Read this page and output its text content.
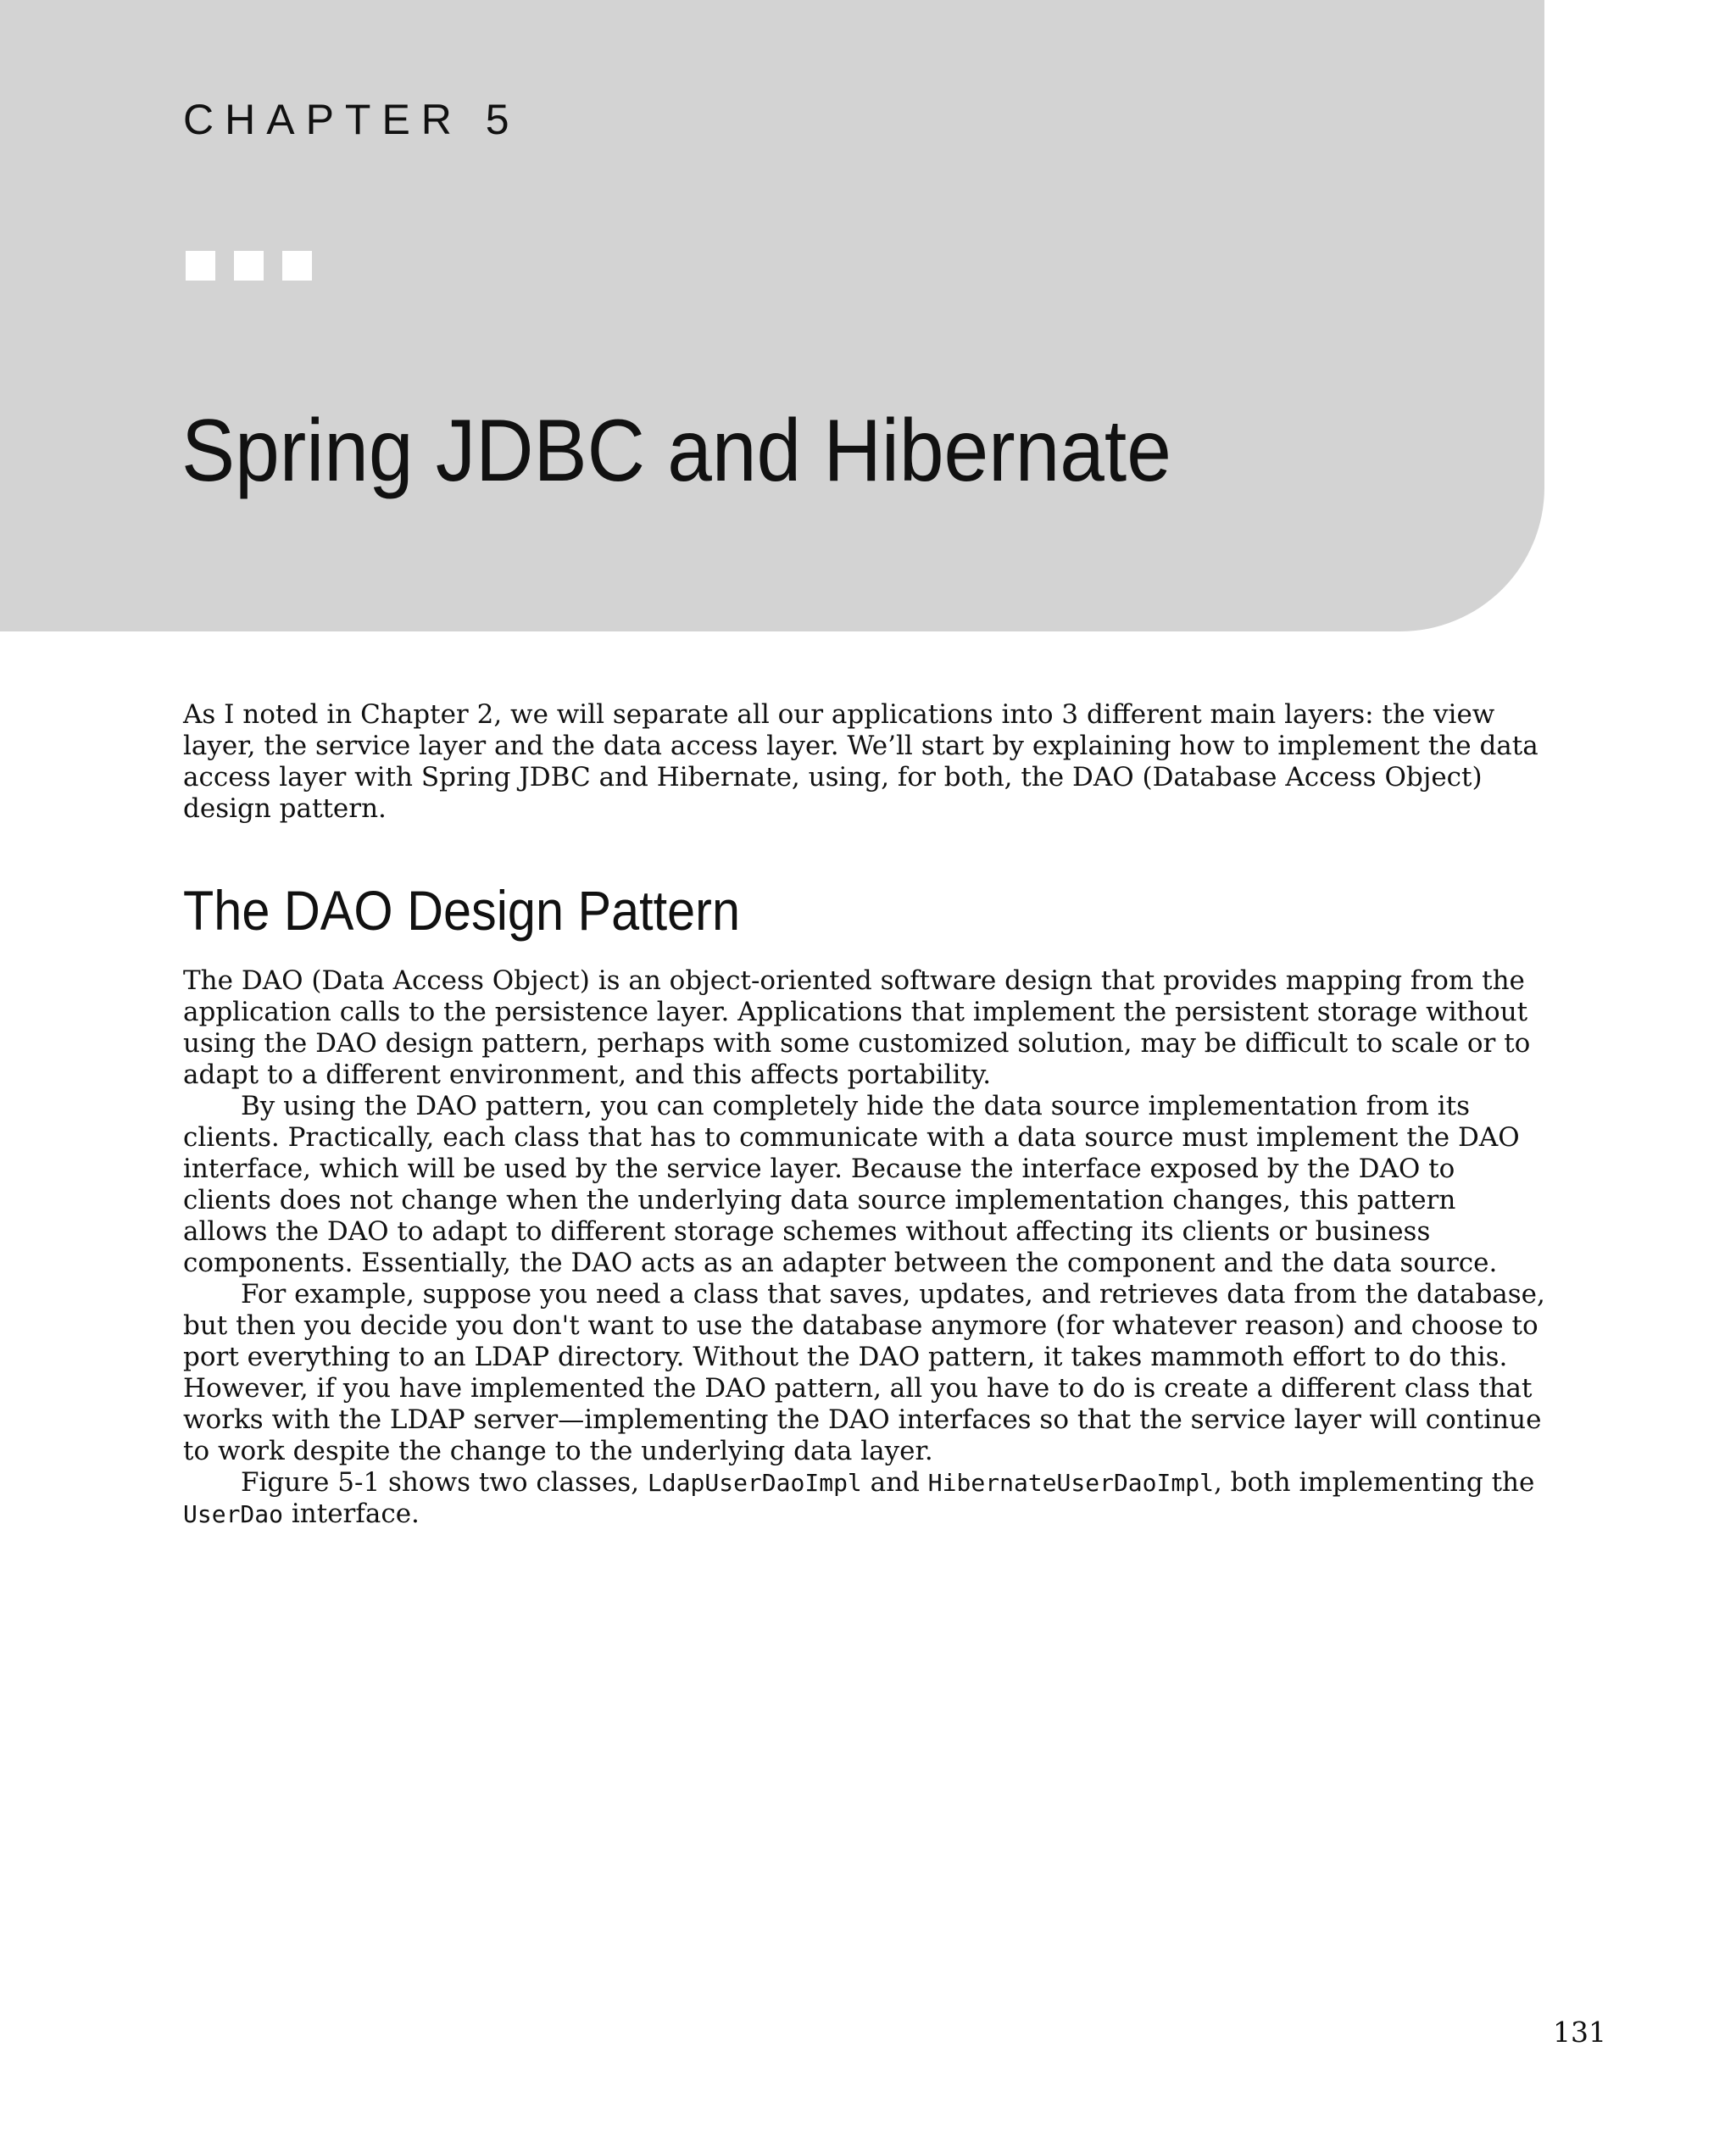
CHAPTER 5
Spring JDBC and Hibernate

As I noted in Chapter 2, we will separate all our applications into 3 different main layers: the view layer, the service layer and the data access layer. We’ll start by explaining how to implement the data access layer with Spring JDBC and Hibernate, using, for both, the DAO (Database Access Object) design pattern.

The DAO Design Pattern

The DAO (Data Access Object) is an object-oriented software design that provides mapping from the application calls to the persistence layer. Applications that implement the persistent storage without using the DAO design pattern, perhaps with some customized solution, may be difficult to scale or to adapt to a different environment, and this affects portability.

By using the DAO pattern, you can completely hide the data source implementation from its clients. Practically, each class that has to communicate with a data source must implement the DAO interface, which will be used by the service layer. Because the interface exposed by the DAO to clients does not change when the underlying data source implementation changes, this pattern allows the DAO to adapt to different storage schemes without affecting its clients or business components. Essentially, the DAO acts as an adapter between the component and the data source.

For example, suppose you need a class that saves, updates, and retrieves data from the database, but then you decide you don't want to use the database anymore (for whatever reason) and choose to port everything to an LDAP directory. Without the DAO pattern, it takes mammoth effort to do this. However, if you have implemented the DAO pattern, all you have to do is create a different class that works with the LDAP server—implementing the DAO interfaces so that the service layer will continue to work despite the change to the underlying data layer.

Figure 5-1 shows two classes, LdapUserDaoImpl and HibernateUserDaoImpl, both implementing the UserDao interface.

131
